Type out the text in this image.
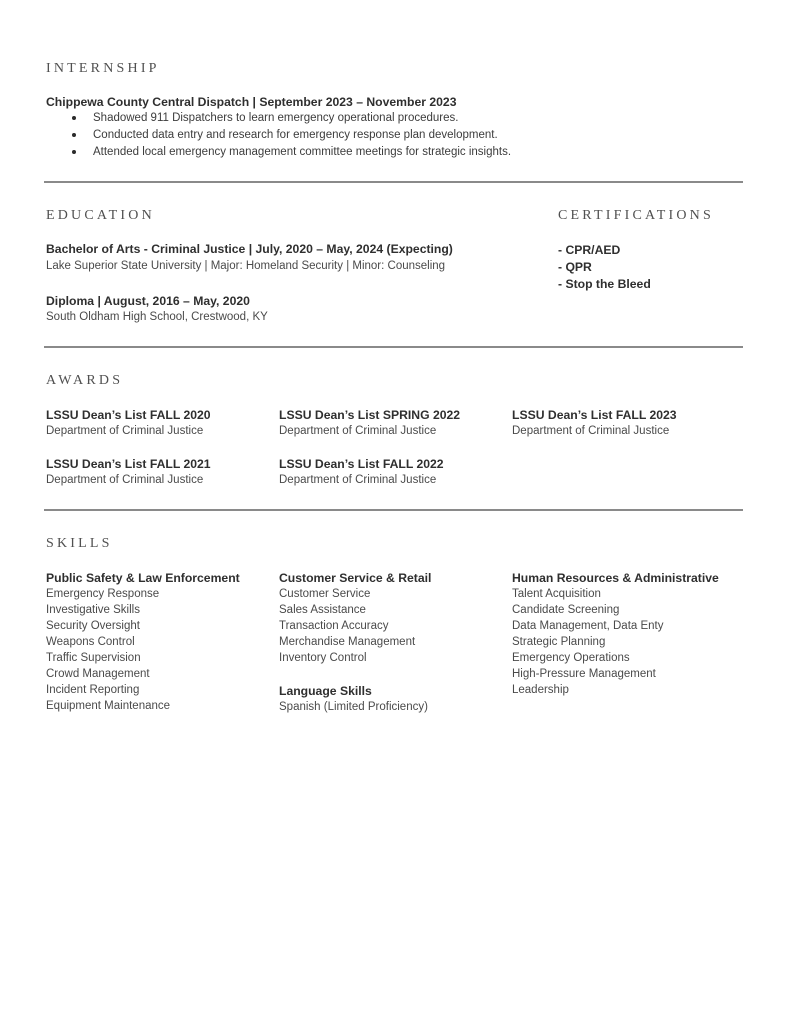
INTERNSHIP
Chippewa County Central Dispatch | September 2023 – November 2023
Shadowed 911 Dispatchers to learn emergency operational procedures.
Conducted data entry and research for emergency response plan development.
Attended local emergency management committee meetings for strategic insights.
EDUCATION
Bachelor of Arts - Criminal Justice | July, 2020 – May, 2024 (Expecting)
Lake Superior State University | Major: Homeland Security | Minor: Counseling
Diploma | August, 2016 – May, 2020
South Oldham High School, Crestwood, KY
CERTIFICATIONS
- CPR/AED
- QPR
- Stop the Bleed
AWARDS
LSSU Dean’s List FALL 2020
Department of Criminal Justice
LSSU Dean’s List SPRING 2022
Department of Criminal Justice
LSSU Dean’s List FALL 2023
Department of Criminal Justice
LSSU Dean’s List FALL 2021
Department of Criminal Justice
LSSU Dean’s List FALL 2022
Department of Criminal Justice
SKILLS
Public Safety & Law Enforcement
Emergency Response
Investigative Skills
Security Oversight
Weapons Control
Traffic Supervision
Crowd Management
Incident Reporting
Equipment Maintenance
Customer Service & Retail
Customer Service
Sales Assistance
Transaction Accuracy
Merchandise Management
Inventory Control
Language Skills
Spanish (Limited Proficiency)
Human Resources & Administrative
Talent Acquisition
Candidate Screening
Data Management, Data Enty
Strategic Planning
Emergency Operations
High-Pressure Management
Leadership
